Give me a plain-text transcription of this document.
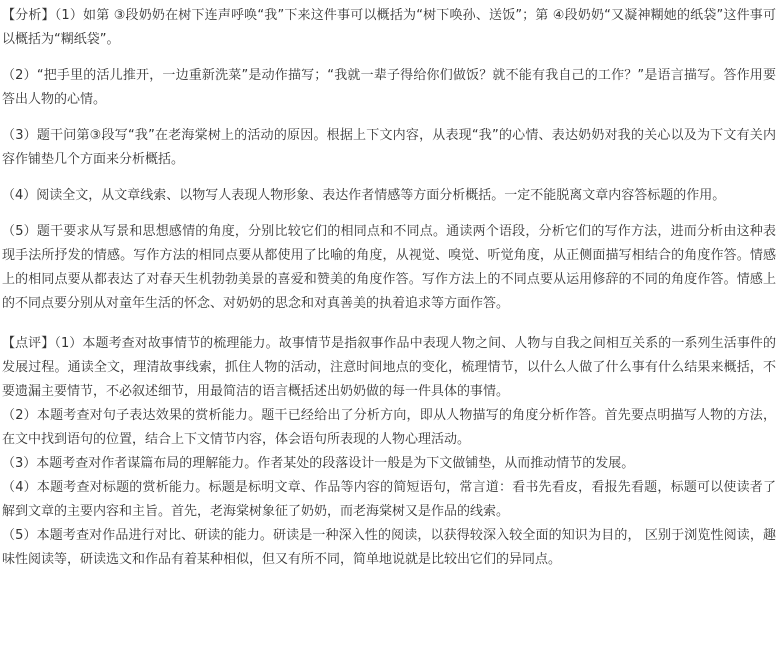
【分析】（1）如第 ③段奶奶在树下连声呼唤“我”下来这件事可以概括为“树下唤孙、送饭”；第 ④段奶奶“又凝神糊她的纸袋”这件事可以概括为“糊纸袋”。

（2）“把手里的活儿推开，一边重新洗菜”是动作描写；“我就一辈子得给你们做饭？就不能有我自己的工作？”是语言描写。答作用要答出人物的心情。

（3）题干问第③段写“我”在老海棠树上的活动的原因。根据上下文内容，从表现“我”的心情、表达奶奶对我的关心以及为下文有关内容作铺垫几个方面来分析概括。

（4）阅读全文，从文章线索、以物写人表现人物形象、表达作者情感等方面分析概括。一定不能脱离文章内容答标题的作用。

（5）题干要求从写景和思想感情的角度，分别比较它们的相同点和不同点。通读两个语段，分析它们的写作方法，进而分析由这种表现手法所抒发的情感。写作方法的相同点要从都使用了比喻的角度，从视觉、嗅觉、听觉角度，从正侧面描写相结合的角度作答。情感上的相同点要从都表达了对春天生机勃勃美景的喜爱和赞美的角度作答。写作方法上的不同点要从运用修辞的不同的角度作答。情感上的不同点要分别从对童年生活的怀念、对奶奶的思念和对真善美的执着追求等方面作答。

【点评】（1）本题考查对故事情节的梳理能力。故事情节是指叙事作品中表现人物之间、人物与自我之间相互关系的一系列生活事件的发展过程。通读全文，理清故事线索，抓住人物的活动，注意时间地点的变化，梳理情节，以什么人做了什么事有什么结果来概括，不要遗漏主要情节，不必叙述细节，用最简洁的语言概括述出奶奶做的每一件具体的事情。

（2）本题考查对句子表达效果的赏析能力。题干已经给出了分析方向，即从人物描写的角度分析作答。首先要点明描写人物的方法，在文中找到语句的位置，结合上下文情节内容，体会语句所表现的人物心理活动。

（3）本题考查对作者谋篇布局的理解能力。作者某处的段落设计一般是为下文做铺垫，从而推动情节的发展。

（4）本题考查对标题的赏析能力。标题是标明文章、作品等内容的简短语句，常言道：看书先看皮，看报先看题，标题可以使读者了解到文章的主要内容和主旨。首先，老海棠树象征了奶奶，而老海棠树又是作品的线索。

（5）本题考查对作品进行对比、研读的能力。研读是一种深入性的阅读，以获得较深入较全面的知识为目的， 区别于浏览性阅读，趣味性阅读等，研读选文和作品有着某种相似，但又有所不同，简单地说就是比较出它们的异同点。
